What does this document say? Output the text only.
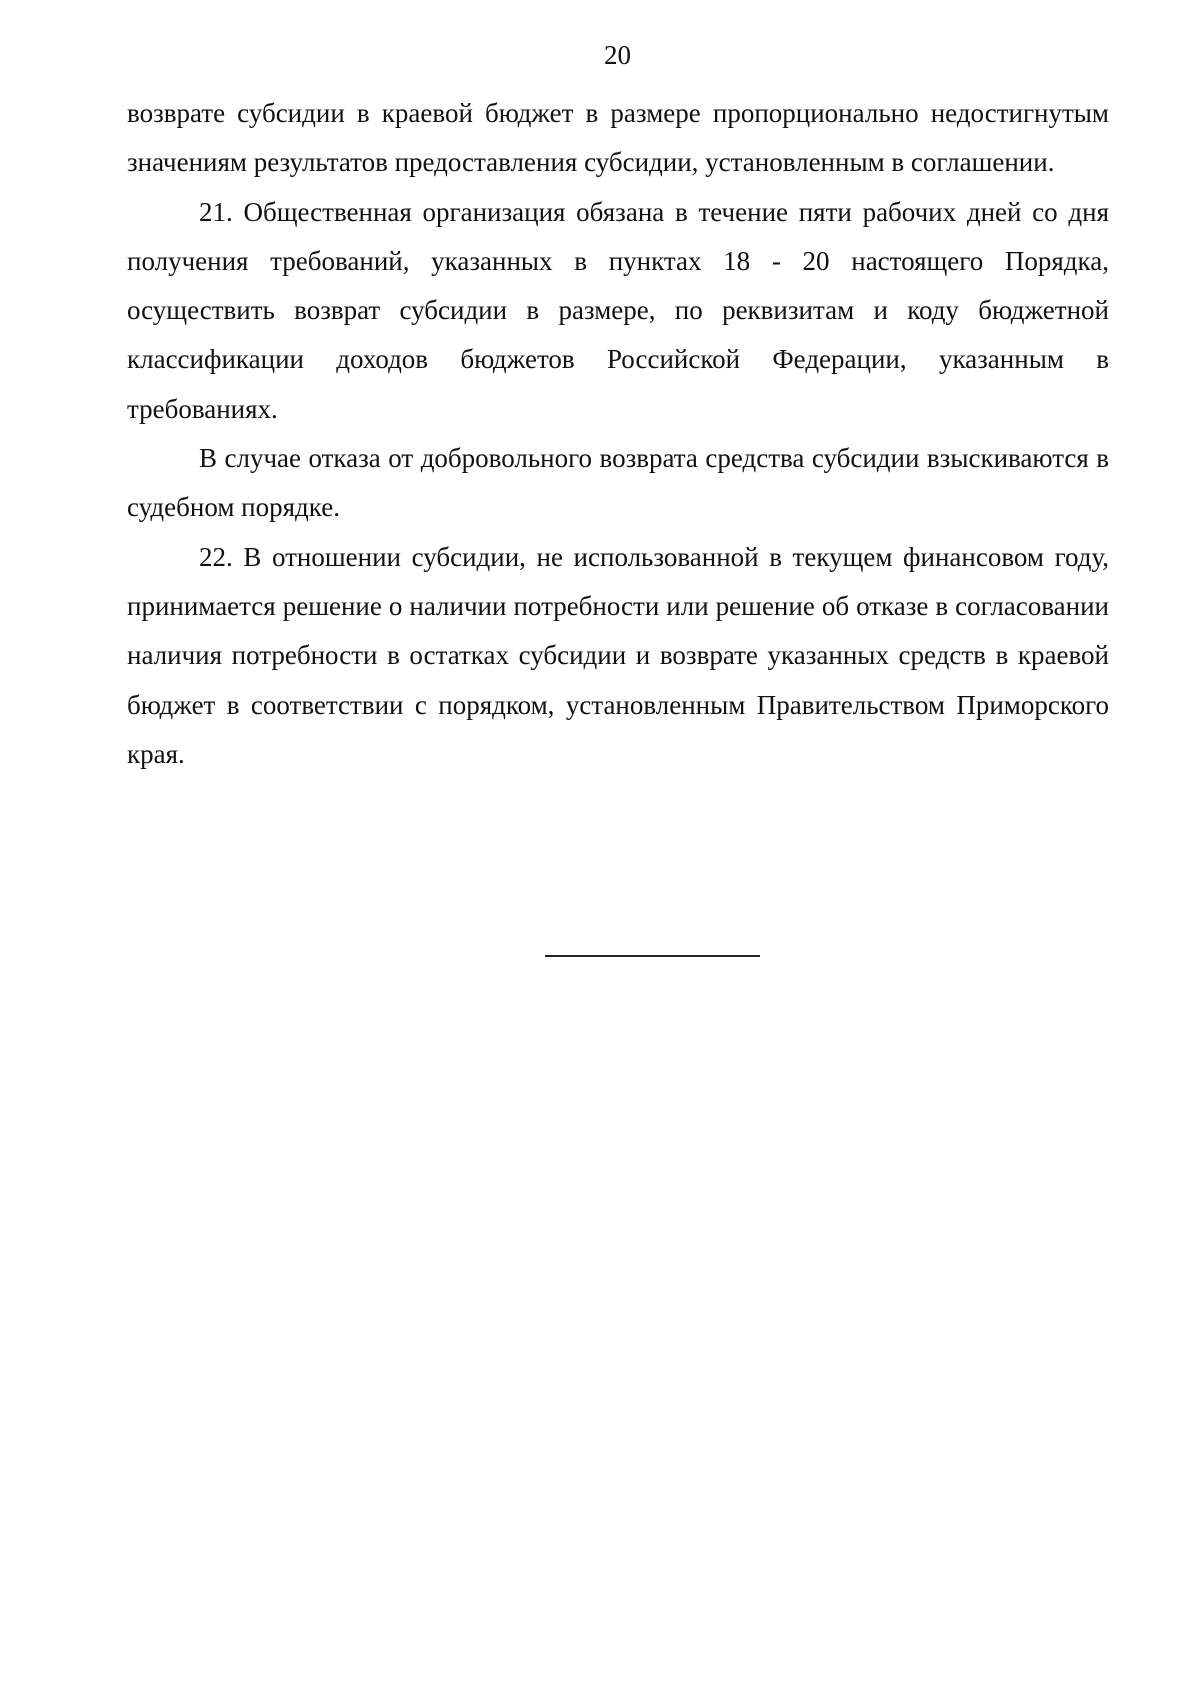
20

возврате субсидии в краевой бюджет в размере пропорционально недостигнутым значениям результатов предоставления субсидии, установленным в соглашении.

21. Общественная организация обязана в течение пяти рабочих дней со дня получения требований, указанных в пунктах 18 - 20 настоящего Порядка, осуществить возврат субсидии в размере, по реквизитам и коду бюджетной классификации доходов бюджетов Российской Федерации, указанным в требованиях.

В случае отказа от добровольного возврата средства субсидии взыскиваются в судебном порядке.

22. В отношении субсидии, не использованной в текущем финансовом году, принимается решение о наличии потребности или решение об отказе в согласовании наличия потребности в остатках субсидии и возврате указанных средств в краевой бюджет в соответствии с порядком, установленным Правительством Приморского края.
